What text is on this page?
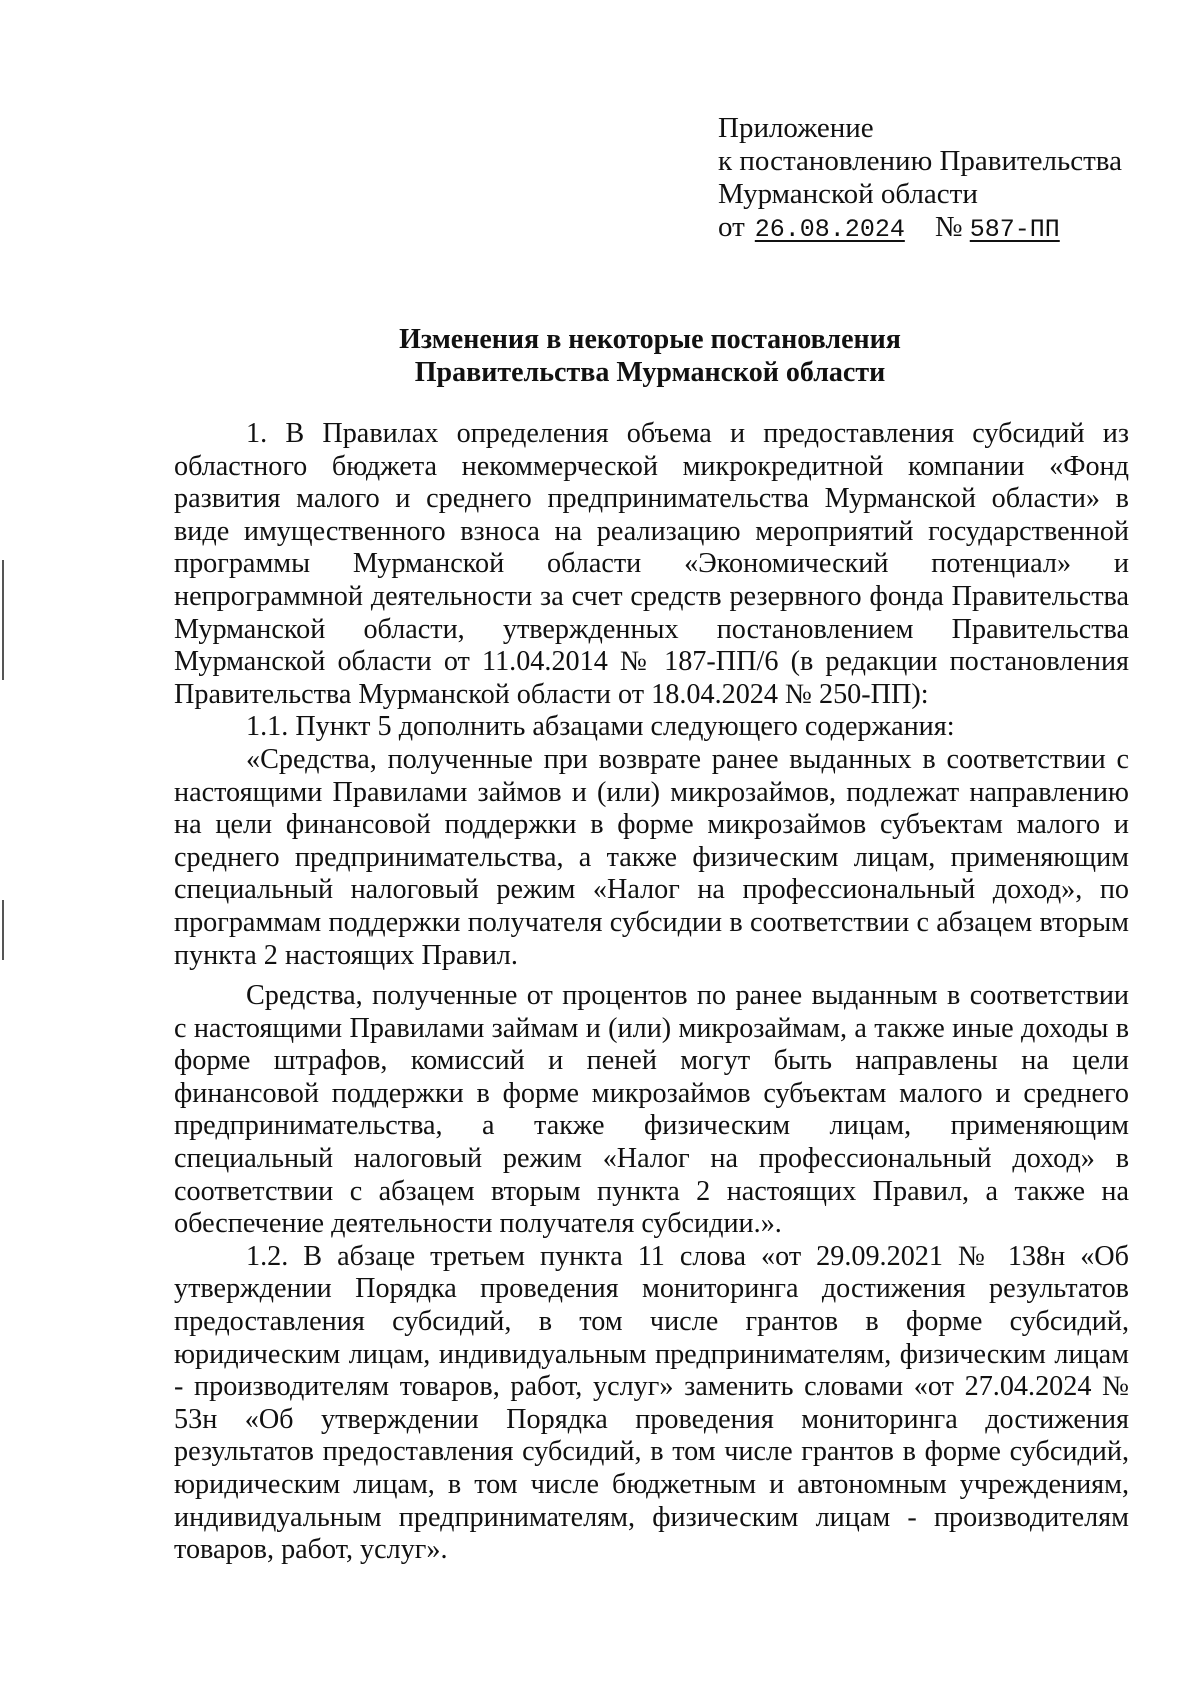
Приложение
к постановлению Правительства
Мурманской области
от 26.08.2024 № 587-ПП
Изменения в некоторые постановления
Правительства Мурманской области

1. В Правилах определения объема и предоставления субсидий из областного бюджета некоммерческой микрокредитной компании «Фонд развития малого и среднего предпринимательства Мурманской области» в виде имущественного взноса на реализацию мероприятий государственной программы Мурманской области «Экономический потенциал» и непрограммной деятельности за счет средств резервного фонда Правительства Мурманской области, утвержденных постановлением Правительства Мурманской области от 11.04.2014 № 187-ПП/6 (в редакции постановления Правительства Мурманской области от 18.04.2024 № 250-ПП):

1.1. Пункт 5 дополнить абзацами следующего содержания:

«Средства, полученные при возврате ранее выданных в соответствии с настоящими Правилами займов и (или) микрозаймов, подлежат направлению на цели финансовой поддержки в форме микрозаймов субъектам малого и среднего предпринимательства, а также физическим лицам, применяющим специальный налоговый режим «Налог на профессиональный доход», по программам поддержки получателя субсидии в соответствии с абзацем вторым пункта 2 настоящих Правил.

Средства, полученные от процентов по ранее выданным в соответствии с настоящими Правилами займам и (или) микрозаймам, а также иные доходы в форме штрафов, комиссий и пеней могут быть направлены на цели финансовой поддержки в форме микрозаймов субъектам малого и среднего предпринимательства, а также физическим лицам, применяющим специальный налоговый режим «Налог на профессиональный доход» в соответствии с абзацем вторым пункта 2 настоящих Правил, а также на обеспечение деятельности получателя субсидии.».

1.2. В абзаце третьем пункта 11 слова «от 29.09.2021 № 138н «Об утверждении Порядка проведения мониторинга достижения результатов предоставления субсидий, в том числе грантов в форме субсидий, юридическим лицам, индивидуальным предпринимателям, физическим лицам - производителям товаров, работ, услуг» заменить словами «от 27.04.2024 № 53н «Об утверждении Порядка проведения мониторинга достижения результатов предоставления субсидий, в том числе грантов в форме субсидий, юридическим лицам, в том числе бюджетным и автономным учреждениям, индивидуальным предпринимателям, физическим лицам - производителям товаров, работ, услуг».
